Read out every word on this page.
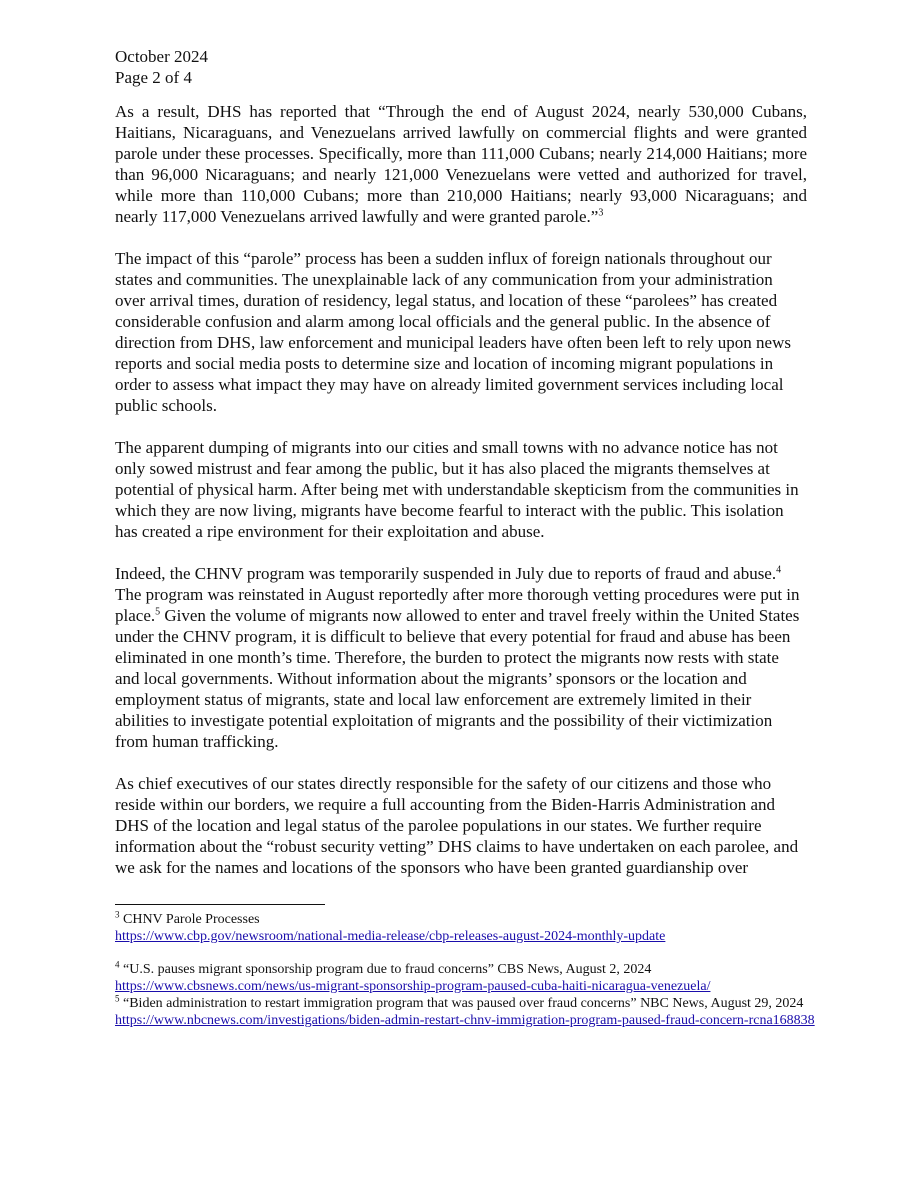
October 2024
Page 2 of 4

As a result, DHS has reported that “Through the end of August 2024, nearly 530,000 Cubans, Haitians, Nicaraguans, and Venezuelans arrived lawfully on commercial flights and were granted parole under these processes. Specifically, more than 111,000 Cubans; nearly 214,000 Haitians; more than 96,000 Nicaraguans; and nearly 121,000 Venezuelans were vetted and authorized for travel, while more than 110,000 Cubans; more than 210,000 Haitians; nearly 93,000 Nicaraguans; and nearly 117,000 Venezuelans arrived lawfully and were granted parole.”$^3$

The impact of this “parole” process has been a sudden influx of foreign nationals throughout our states and communities. The unexplainable lack of any communication from your administration over arrival times, duration of residency, legal status, and location of these “parolees” has created considerable confusion and alarm among local officials and the general public. In the absence of direction from DHS, law enforcement and municipal leaders have often been left to rely upon news reports and social media posts to determine size and location of incoming migrant populations in order to assess what impact they may have on already limited government services including local public schools.

The apparent dumping of migrants into our cities and small towns with no advance notice has not only sowed mistrust and fear among the public, but it has also placed the migrants themselves at potential of physical harm. After being met with understandable skepticism from the communities in which they are now living, migrants have become fearful to interact with the public. This isolation has created a ripe environment for their exploitation and abuse.

Indeed, the CHNV program was temporarily suspended in July due to reports of fraud and abuse.$^4$ The program was reinstated in August reportedly after more thorough vetting procedures were put in place.$^5$ Given the volume of migrants now allowed to enter and travel freely within the United States under the CHNV program, it is difficult to believe that every potential for fraud and abuse has been eliminated in one month’s time. Therefore, the burden to protect the migrants now rests with state and local governments. Without information about the migrants’ sponsors or the location and employment status of migrants, state and local law enforcement are extremely limited in their abilities to investigate potential exploitation of migrants and the possibility of their victimization from human trafficking.

As chief executives of our states directly responsible for the safety of our citizens and those who reside within our borders, we require a full accounting from the Biden-Harris Administration and DHS of the location and legal status of the parolee populations in our states. We further require information about the “robust security vetting” DHS claims to have undertaken on each parolee, and we ask for the names and locations of the sponsors who have been granted guardianship over

$^3$ CHNV Parole Processes
https://www.cbp.gov/newsroom/national-media-release/cbp-releases-august-2024-monthly-update
$^4$ “U.S. pauses migrant sponsorship program due to fraud concerns” CBS News, August 2, 2024
https://www.cbsnews.com/news/us-migrant-sponsorship-program-paused-cuba-haiti-nicaragua-venezuela/
$^5$ “Biden administration to restart immigration program that was paused over fraud concerns” NBC News, August 29, 2024
https://www.nbcnews.com/investigations/biden-admin-restart-chnv-immigration-program-paused-fraud-concern-rcna168838
